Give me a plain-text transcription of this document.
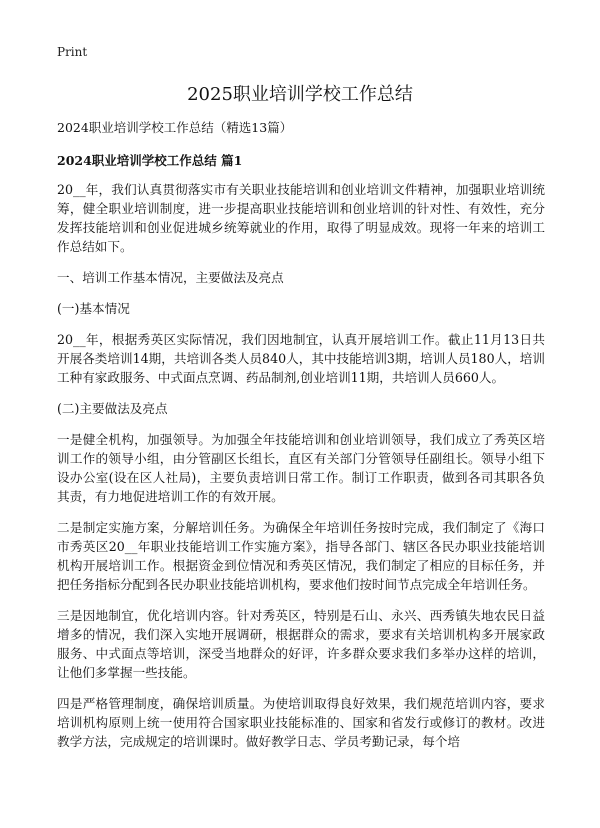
Print
2025职业培训学校工作总结

2024职业培训学校工作总结（精选13篇）

2024职业培训学校工作总结 篇1

20__年，我们认真贯彻落实市有关职业技能培训和创业培训文件精神，加强职业培训统筹，健全职业培训制度，进一步提高职业技能培训和创业培训的针对性、有效性，充分发挥技能培训和创业促进城乡统筹就业的作用，取得了明显成效。现将一年来的培训工作总结如下。

一、培训工作基本情况，主要做法及亮点

(一)基本情况

20__年，根据秀英区实际情况，我们因地制宜，认真开展培训工作。截止11月13日共开展各类培训14期，共培训各类人员840人，其中技能培训3期，培训人员180人，培训工种有家政服务、中式面点烹调、药品制剂,创业培训11期，共培训人员660人。

(二)主要做法及亮点

一是健全机构，加强领导。为加强全年技能培训和创业培训领导，我们成立了秀英区培训工作的领导小组，由分管副区长组长，直区有关部门分管领导任副组长。领导小组下设办公室(设在区人社局)，主要负责培训日常工作。制订工作职责，做到各司其职各负其责，有力地促进培训工作的有效开展。

二是制定实施方案，分解培训任务。为确保全年培训任务按时完成，我们制定了《海口市秀英区20__年职业技能培训工作实施方案》，指导各部门、辖区各民办职业技能培训机构开展培训工作。根据资金到位情况和秀英区情况，我们制定了相应的目标任务，并把任务指标分配到各民办职业技能培训机构，要求他们按时间节点完成全年培训任务。

三是因地制宜，优化培训内容。针对秀英区，特别是石山、永兴、西秀镇失地农民日益增多的情况，我们深入实地开展调研，根据群众的需求，要求有关培训机构多开展家政服务、中式面点等培训，深受当地群众的好评，许多群众要求我们多举办这样的培训，让他们多掌握一些技能。

四是严格管理制度，确保培训质量。为使培训取得良好效果，我们规范培训内容，要求培训机构原则上统一使用符合国家职业技能标准的、国家和省发行或修订的教材。改进教学方法，完成规定的培训课时。做好教学日志、学员考勤记录，每个培
